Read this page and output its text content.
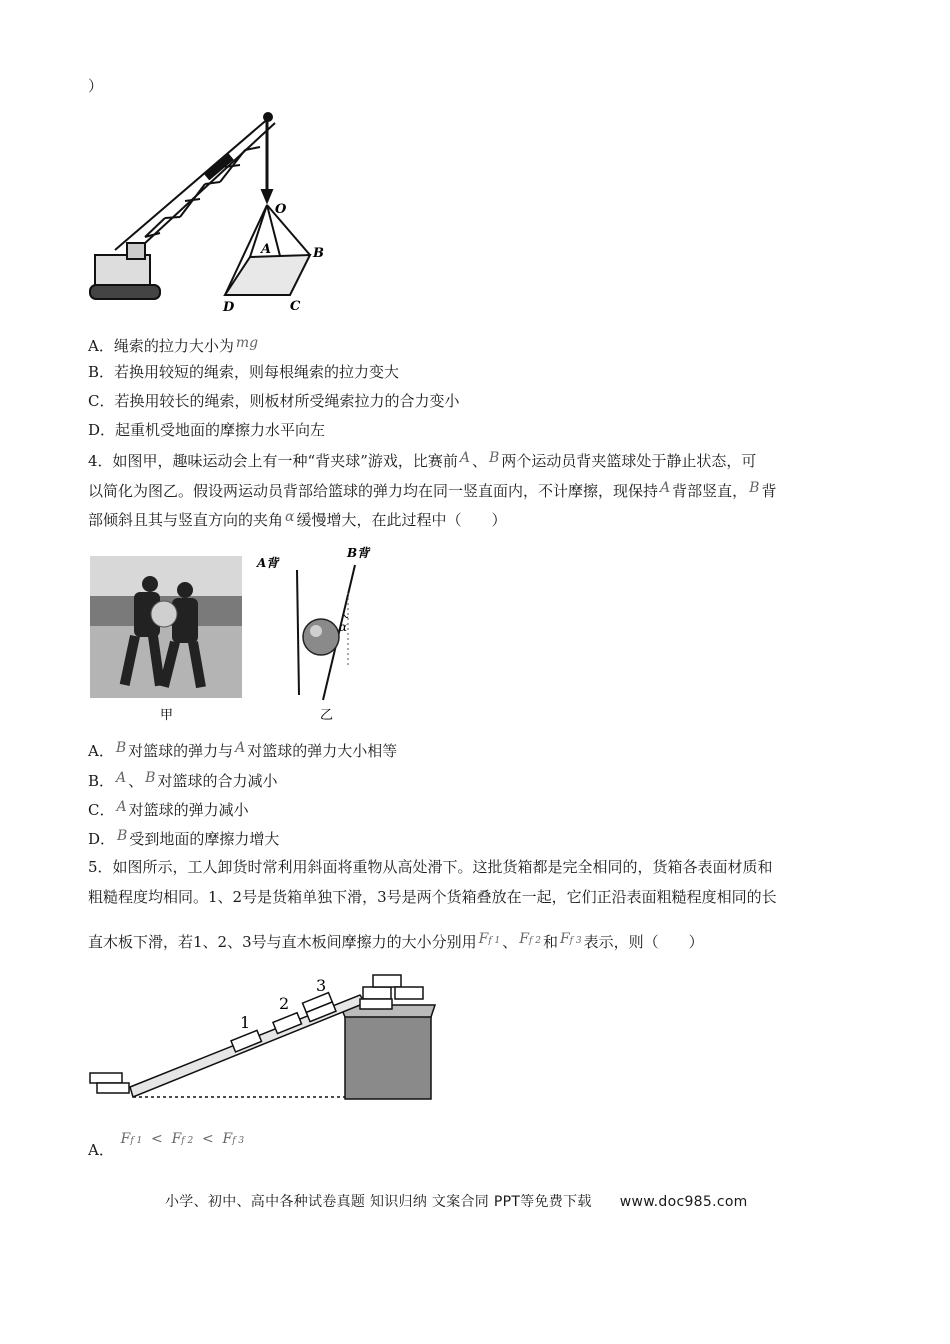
）
O
A	B
C
D
A．绳索的拉力大小为 mg
B．若换用较短的绳索，则每根绳索的拉力变大
C．若换用较长的绳索，则板材所受绳索拉力的合力变小
D．起重机受地面的摩擦力水平向左
4．如图甲，趣味运动会上有一种“背夹球”游戏，比赛前 A 、 B 两个运动员背夹篮球处于静止状态，可
以简化为图乙。假设两运动员背部给篮球的弹力均在同一竖直面内，不计摩擦，现保持 A 背部竖直， B 背
部倾斜且其与竖直方向的夹角 α 缓慢增大，在此过程中（　　）
甲
A背
B背
α
乙
A． B 对篮球的弹力与 A 对篮球的弹力大小相等
B． A 、 B 对篮球的合力减小
C． A 对篮球的弹力减小
D． B 受到地面的摩擦力增大
5．如图所示，工人卸货时常利用斜面将重物从高处滑下。这批货箱都是完全相同的，货箱各表面材质和
粗糙程度均相同。1、2号是货箱单独下滑，3号是两个货箱叠放在一起，它们正沿表面粗糙程度相同的长
直木板下滑，若1、2、3号与直木板间摩擦力的大小分别用 Ff 1 、 Ff 2 和 Ff 3 表示，则（　　）
1
2
3
A． Ff 1 < Ff 2 < Ff 3
小学、初中、高中各种试卷真题 知识归纳 文案合同 PPT等免费下载 www.doc985.com
